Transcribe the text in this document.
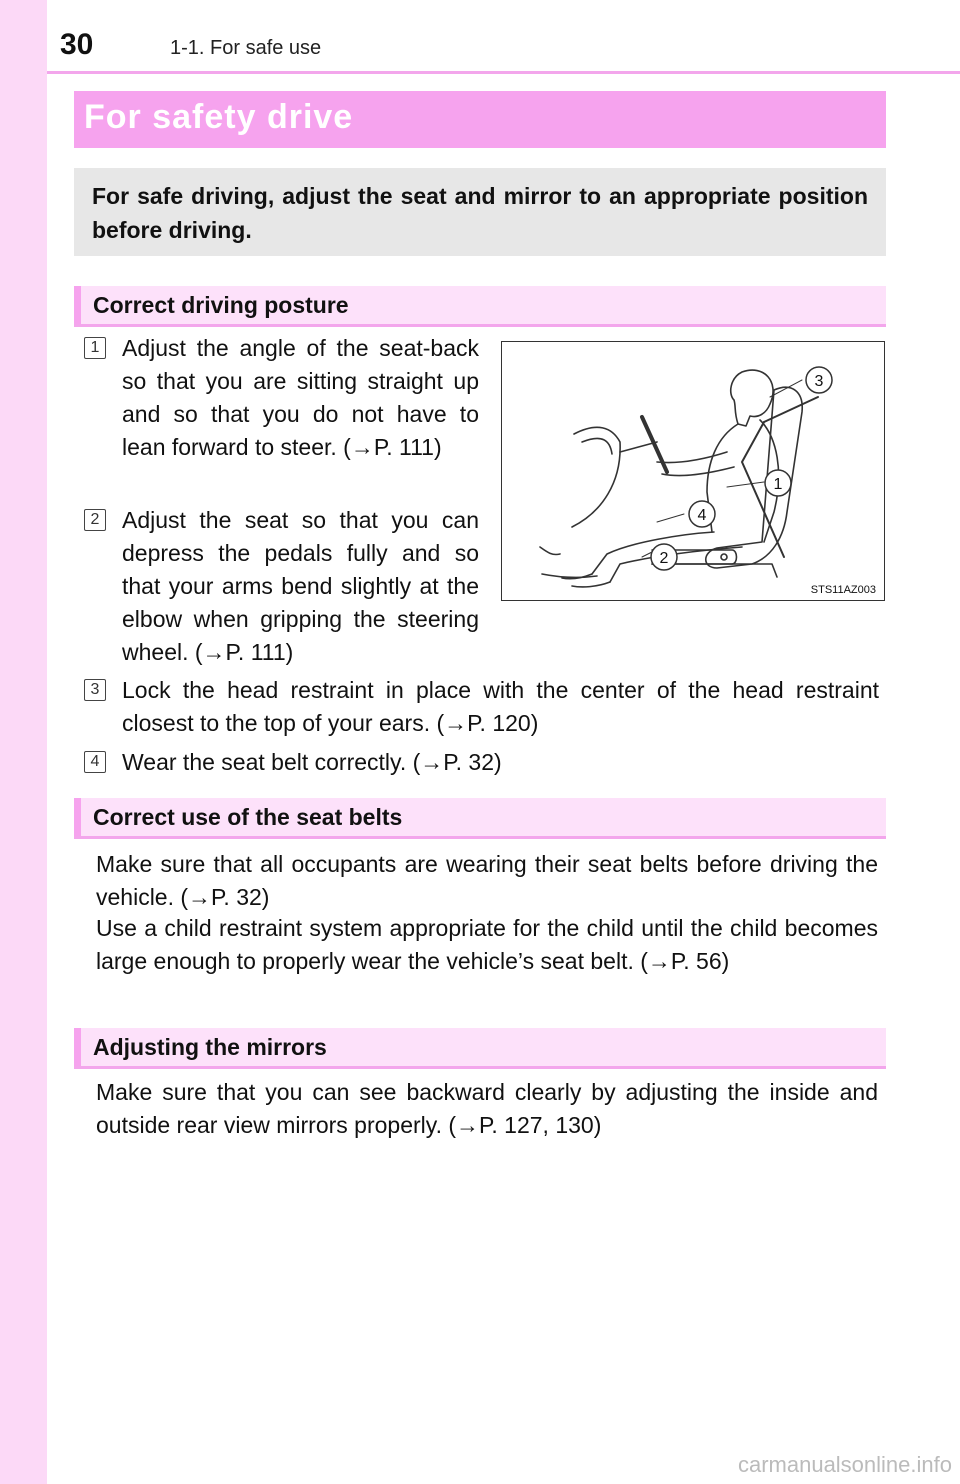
30	1-1. For safe use
For safety drive
For safe driving, adjust the seat and mirror to an appropriate position before driving.
Correct driving posture
1 Adjust the angle of the seat-back so that you are sitting straight up and so that you do not have to lean forward to steer. (→P. 111)
2 Adjust the seat so that you can depress the pedals fully and so that your arms bend slightly at the elbow when gripping the steering wheel. (→P. 111)
3 Lock the head restraint in place with the center of the head restraint closest to the top of your ears. (→P. 120)
4 Wear the seat belt correctly. (→P. 32)
3
1
4
2
STS11AZ003
Correct use of the seat belts
Make sure that all occupants are wearing their seat belts before driving the vehicle. (→P. 32)
Use a child restraint system appropriate for the child until the child becomes large enough to properly wear the vehicle’s seat belt. (→P. 56)
Adjusting the mirrors
Make sure that you can see backward clearly by adjusting the inside and outside rear view mirrors properly. (→P. 127, 130)
carmanualsonline.info
